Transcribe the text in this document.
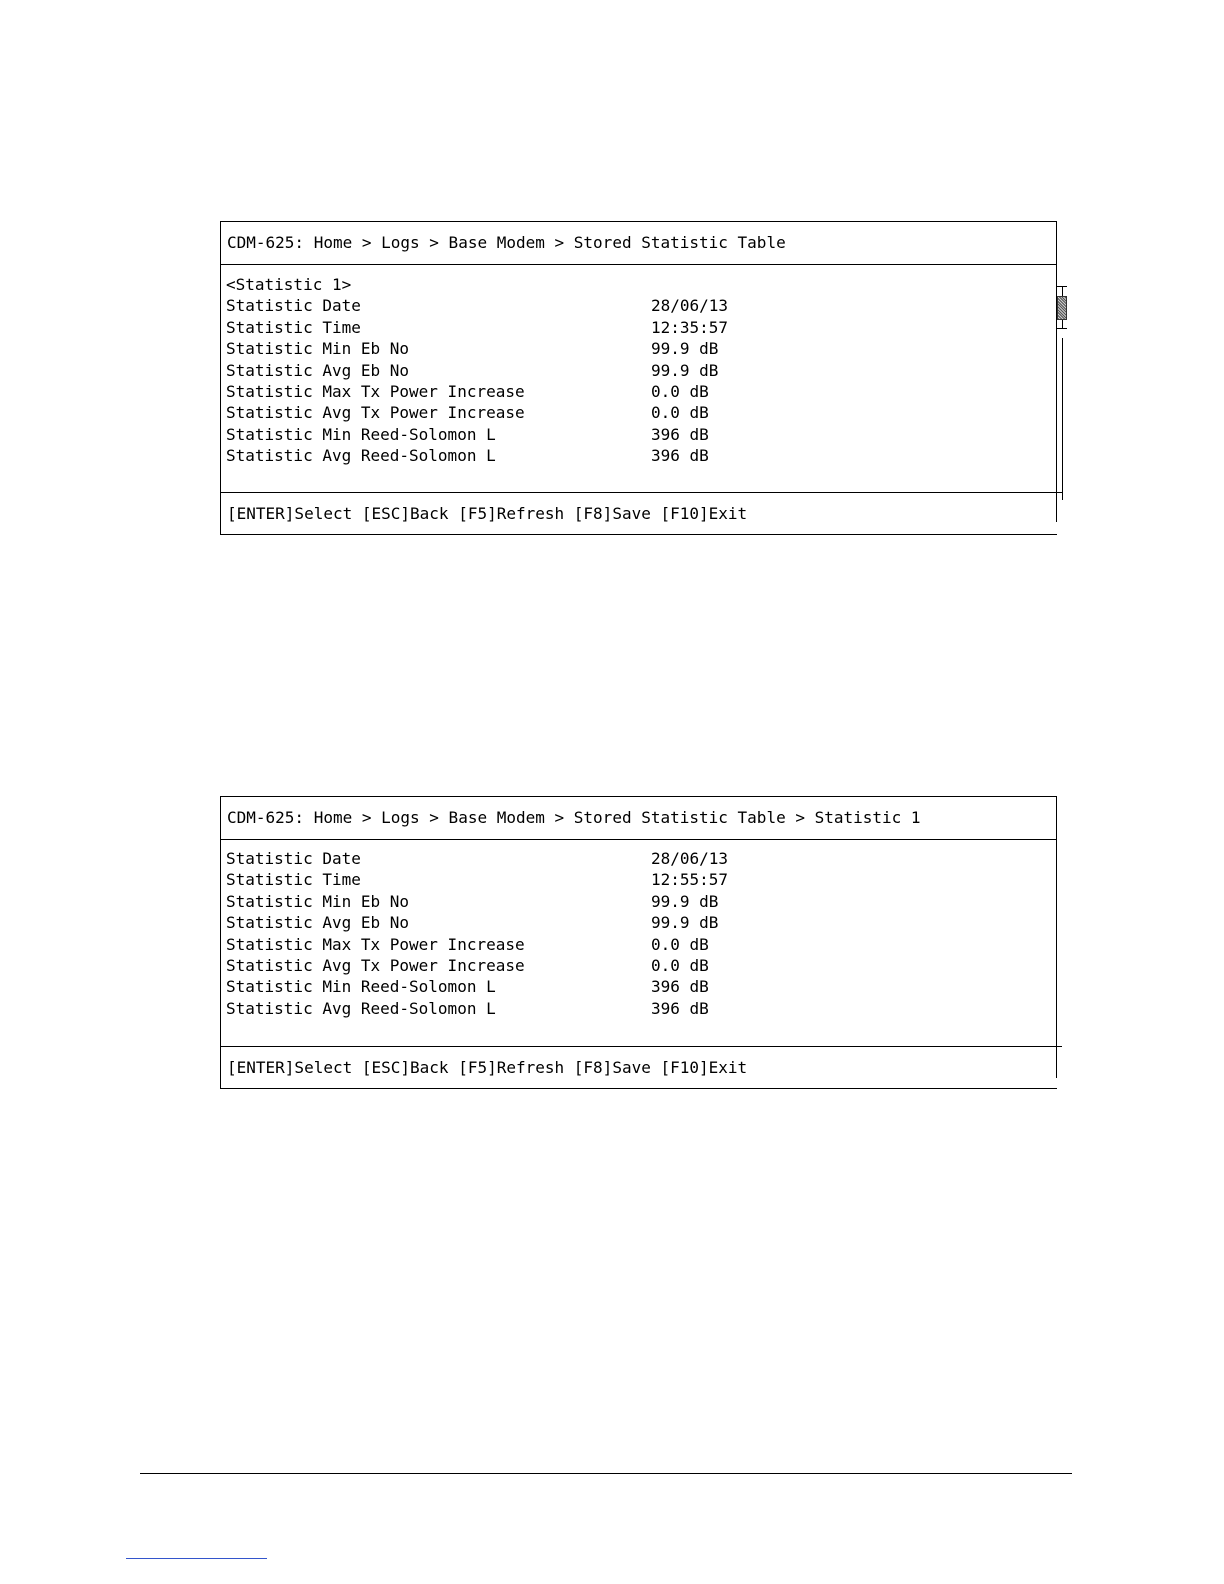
CDM-625: Home > Logs > Base Modem > Stored Statistic Table
<Statistic 1>
Statistic Date	28/06/13
Statistic Time	12:35:57
Statistic Min Eb No	99.9 dB
Statistic Avg Eb No	99.9 dB
Statistic Max Tx Power Increase	0.0 dB
Statistic Avg Tx Power Increase	0.0 dB
Statistic Min Reed-Solomon L	396 dB
Statistic Avg Reed-Solomon L	396 dB
[ENTER]Select [ESC]Back [F5]Refresh [F8]Save [F10]Exit
CDM-625: Home > Logs > Base Modem > Stored Statistic Table > Statistic 1
Statistic Date	28/06/13
Statistic Time	12:55:57
Statistic Min Eb No	99.9 dB
Statistic Avg Eb No	99.9 dB
Statistic Max Tx Power Increase	0.0 dB
Statistic Avg Tx Power Increase	0.0 dB
Statistic Min Reed-Solomon L	396 dB
Statistic Avg Reed-Solomon L	396 dB
[ENTER]Select [ESC]Back [F5]Refresh [F8]Save [F10]Exit
